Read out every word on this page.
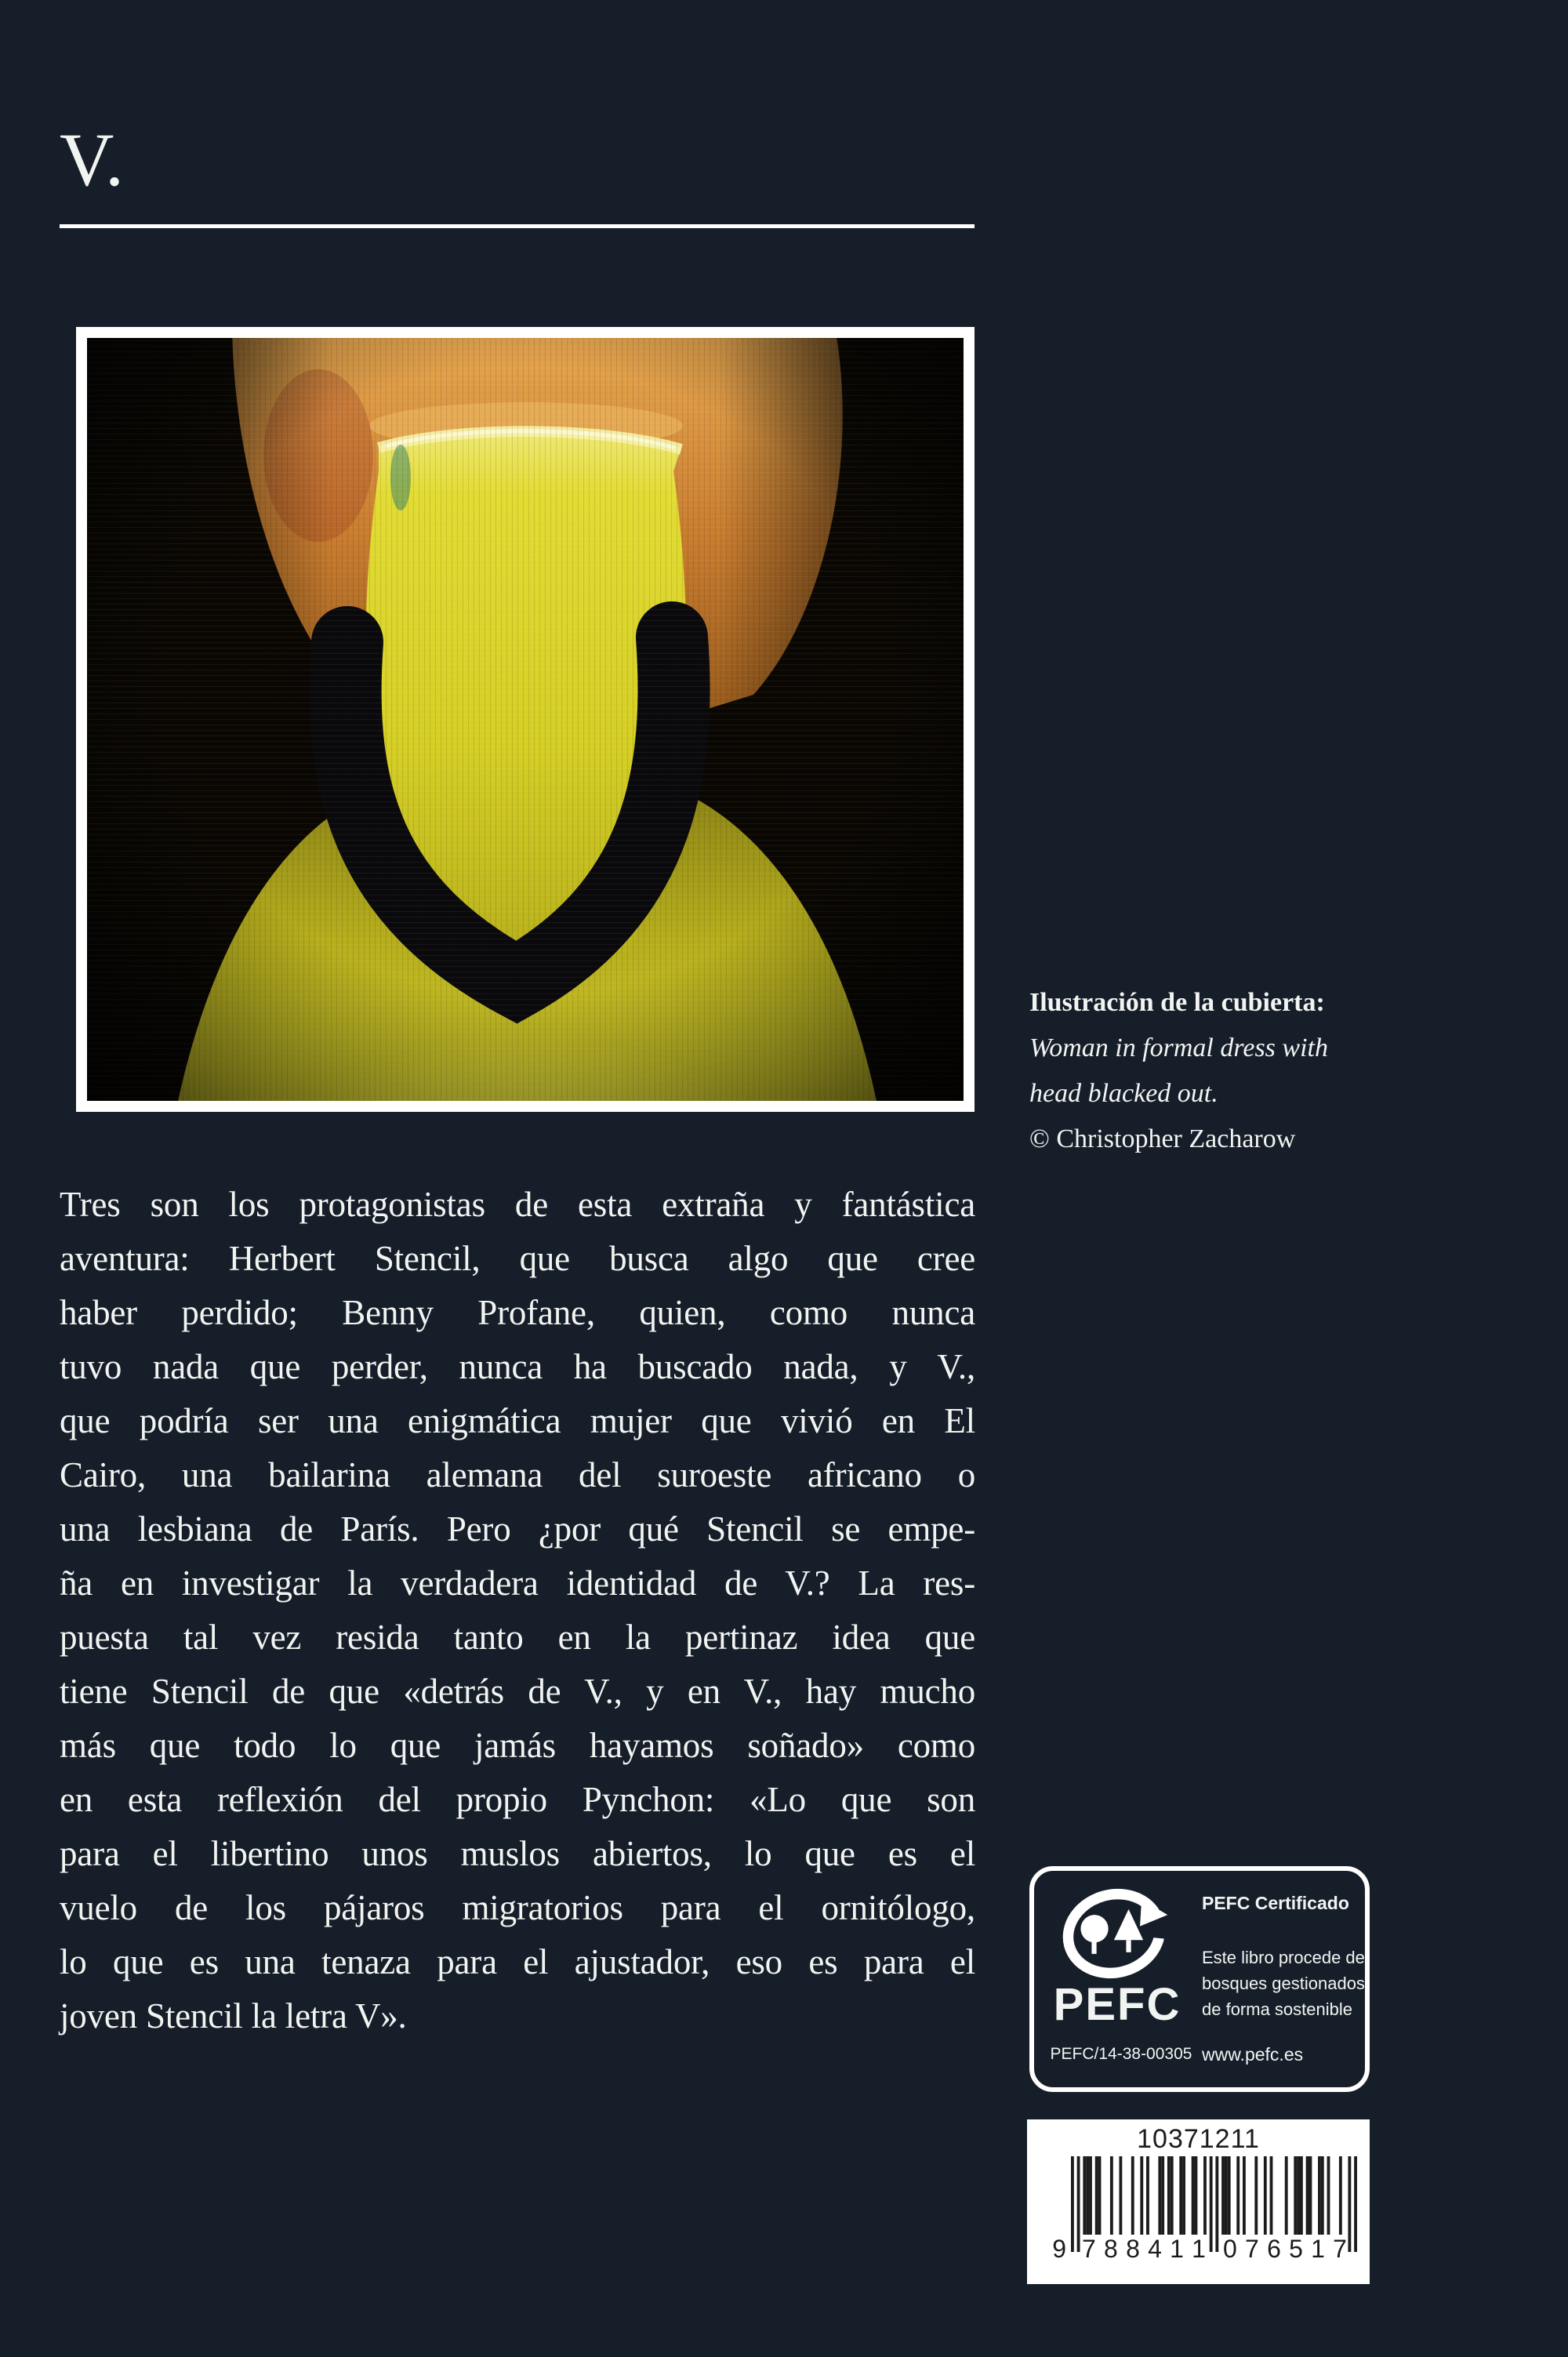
V.
Ilustración de la cubierta:
Woman in formal dress with
head blacked out.
© Christopher Zacharow
Tres son los protagonistas de esta extraña y fantástica
aventura: Herbert Stencil, que busca algo que cree
haber perdido; Benny Profane, quien, como nunca
tuvo nada que perder, nunca ha buscado nada, y V.,
que podría ser una enigmática mujer que vivió en El
Cairo, una bailarina alemana del suroeste africano o
una lesbiana de París. Pero ¿por qué Stencil se empe-
ña en investigar la verdadera identidad de V.? La res-
puesta tal vez resida tanto en la pertinaz idea que
tiene Stencil de que «detrás de V., y en V., hay mucho
más que todo lo que jamás hayamos soñado» como
en esta reflexión del propio Pynchon: «Lo que son
para el libertino unos muslos abiertos, lo que es el
vuelo de los pájaros migratorios para el ornitólogo,
lo que es una tenaza para el ajustador, eso es para el
joven Stencil la letra V».	PEFC
PEFC/14-38-00305
PEFC Certificado
Este libro procede de
bosques gestionados
de forma sostenible
www.pefc.es
10371211
9 7 8 8 4 1 1 0 7 6 5 1 7
